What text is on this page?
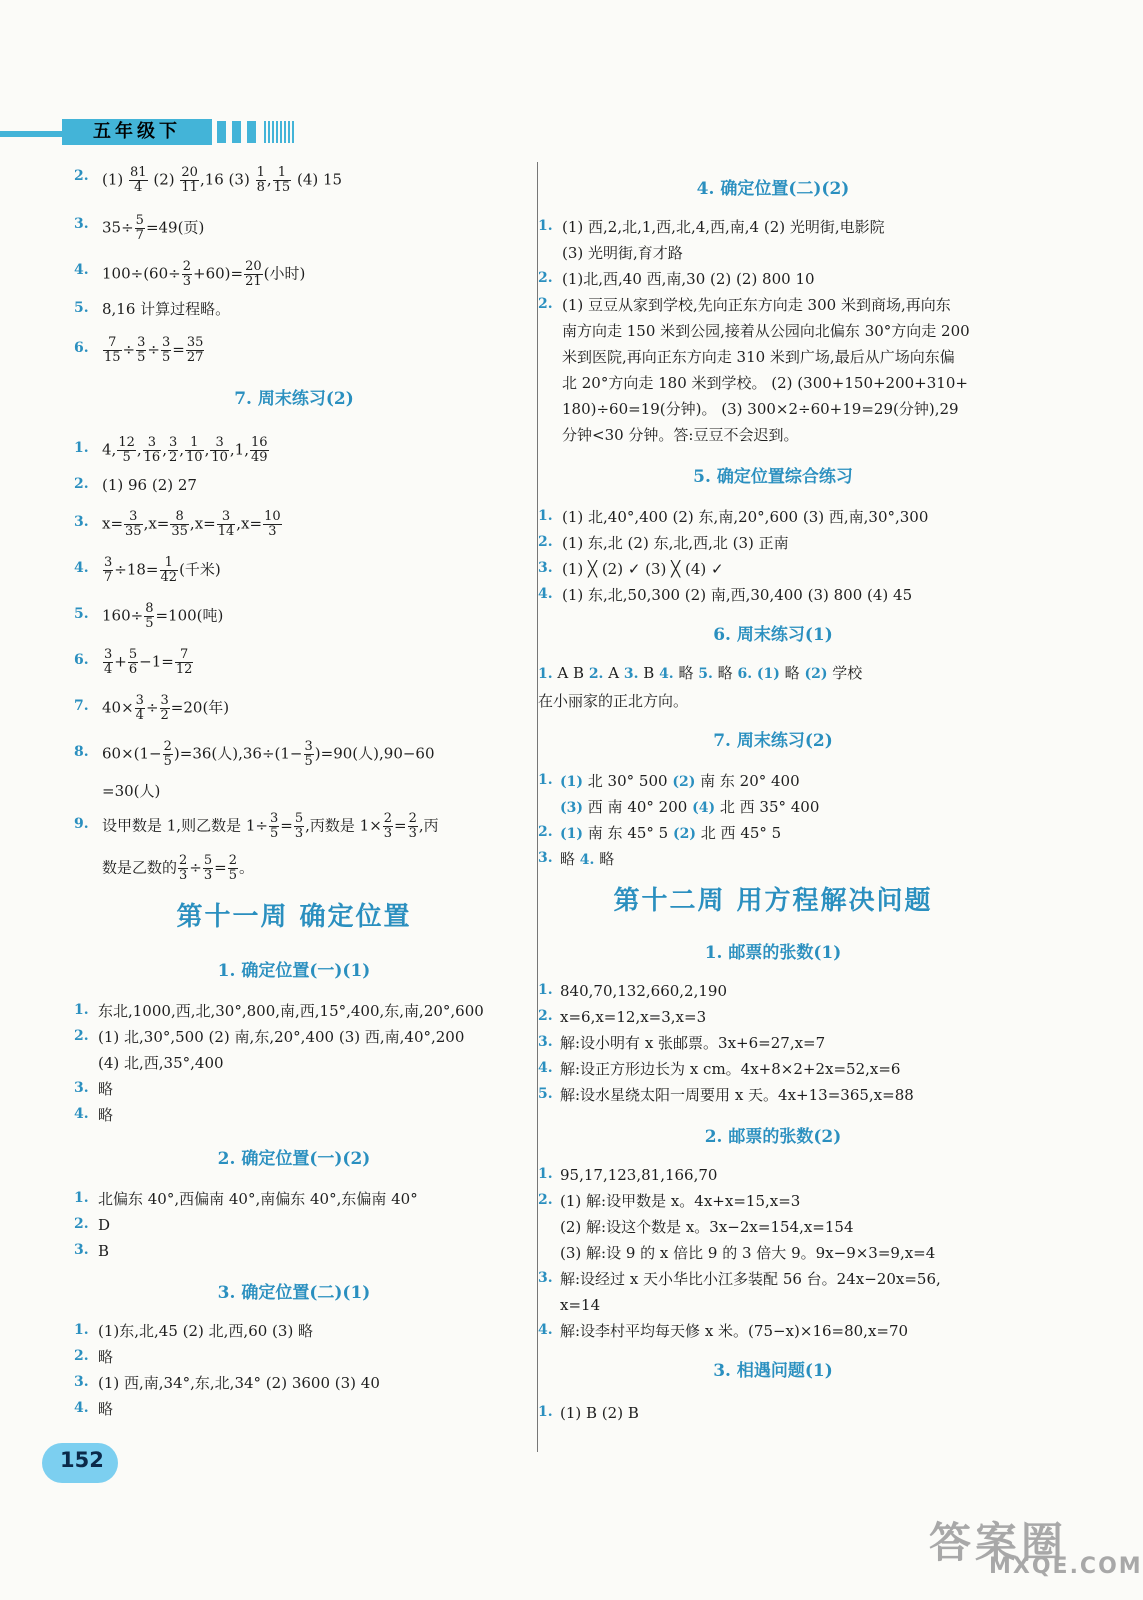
五年级下
$(1) \frac{81}{4} (2) \frac{20}{11} ,16$ $(3) \frac{1}{8}$ , $\frac{1}{15} (4)$ 15
2.
3. $35\div \frac{5}{7} =49$(页)
4. $100\div(60\div \frac{2}{3} +60)= \frac{20}{21}$ (小时)
5. 8,16 计算过程略。
6. $\frac{7}{15} \div \frac{3}{5} \div \frac{3}{5} = \frac{35}{27}$
7. 周末练习(2)
1. 4, $\frac{12}{5}$ , $\frac{3}{16}$ , $\frac{3}{2}$ , $\frac{1}{10}$ , $\frac{3}{10} ,1$, $\frac{16}{49}$
2. (1) 96 (2) 27
3. $x= \frac{3}{35} ,x= \frac{8}{35} ,x= \frac{3}{14} ,x= \frac{10}{3}$
4. $\frac{3}{7} \div 18= \frac{1}{42}$ (千米)
5. $160\div \frac{8}{5} =100$(吨)
6. $\frac{3}{4} + \frac{5}{6} -1= \frac{7}{12}$
7. $40\times \frac{3}{4} \div \frac{3}{2} =20$(年)
8. $60\times(1- \frac{2}{5} )=36$(人)$,36\div(1- \frac{3}{5} )=90$(人),90−60
=30(人)
9. 设甲数是 1,则乙数是 $1\div \frac{3}{5} = \frac{5}{3}$ ,丙数是 $1\times \frac{2}{3} = \frac{2}{3}$ ,丙
数是乙数的 $\frac{2}{3} \div \frac{5}{3} = \frac{2}{5}$ 。
第十一周 确定位置
1. 确定位置(一)(1)
1. 东北,1000,西,北,30°,800,南,西,15°,400,东,南,20°,600
2. (1) 北,30°,500 (2) 南,东,20°,400 (3) 西,南,40°,200
(4) 北,西,35°,400
3. 略
4. 略
2. 确定位置(一)(2)
1. 北偏东 40°,西偏南 40°,南偏东 40°,东偏南 40°
2. D
3. B
3. 确定位置(二)(1)
1. (1)东,北,45 (2) 北,西,60 (3) 略
2. 略
3. (1) 西,南,34°,东,北,34° (2) 3600 (3) 40
4. 略
4. 确定位置(二)(2)
1. (1) 西,2,北,1,西,北,4,西,南,4 (2) 光明街,电影院
(3) 光明街,育才路
2. (1)北,西,40 西,南,30 (2) (2) 800 10
2. (1) 豆豆从家到学校,先向正东方向走 300 米到商场,再向东
南方向走 150 米到公园,接着从公园向北偏东 30°方向走 200
米到医院,再向正东方向走 310 米到广场,最后从广场向东偏
北 20°方向走 180 米到学校。 (2) (300+150+200+310+
180)÷60=19(分钟)。 (3) 300×2÷60+19=29(分钟),29
分钟<30 分钟。答:豆豆不会迟到。
5. 确定位置综合练习
1. (1) 北,40°,400 (2) 东,南,20°,600 (3) 西,南,30°,300
2. (1) 东,北 (2) 东,北,西,北 (3) 正南
3. (1) ╳ (2) ✓ (3) ╳ (4) ✓
4. (1) 东,北,50,300 (2) 南,西,30,400 (3) 800 (4) 45
6. 周末练习(1)
1. A B 2. A 3. B 4. 略 5. 略 6. (1) 略 (2) 学校
在小丽家的正北方向。
7. 周末练习(2)
1. (1) 北 30° 500 (2) 南 东 20° 400
(3) 西 南 40° 200 (4) 北 西 35° 400
2. (1) 南 东 45° 5 (2) 北 西 45° 5
3. 略 4. 略
第十二周 用方程解决问题
1. 邮票的张数(1)
1. 840,70,132,660,2,190
2. x=6,x=12,x=3,x=3
3. 解:设小明有 x 张邮票。3x+6=27,x=7
4. 解:设正方形边长为 x cm。4x+8×2+2x=52,x=6
5. 解:设水星绕太阳一周要用 x 天。4x+13=365,x=88
2. 邮票的张数(2)
1. 95,17,123,81,166,70
2. (1) 解:设甲数是 x。4x+x=15,x=3
(2) 解:设这个数是 x。3x−2x=154,x=154
(3) 解:设 9 的 x 倍比 9 的 3 倍大 9。9x−9×3=9,x=4
3. 解:设经过 x 天小华比小江多装配 56 台。24x−20x=56,
x=14
4. 解:设李村平均每天修 x 米。(75−x)×16=80,x=70
3. 相遇问题(1)
1. (1) B (2) B
152
答案圈
MXQE.COM
